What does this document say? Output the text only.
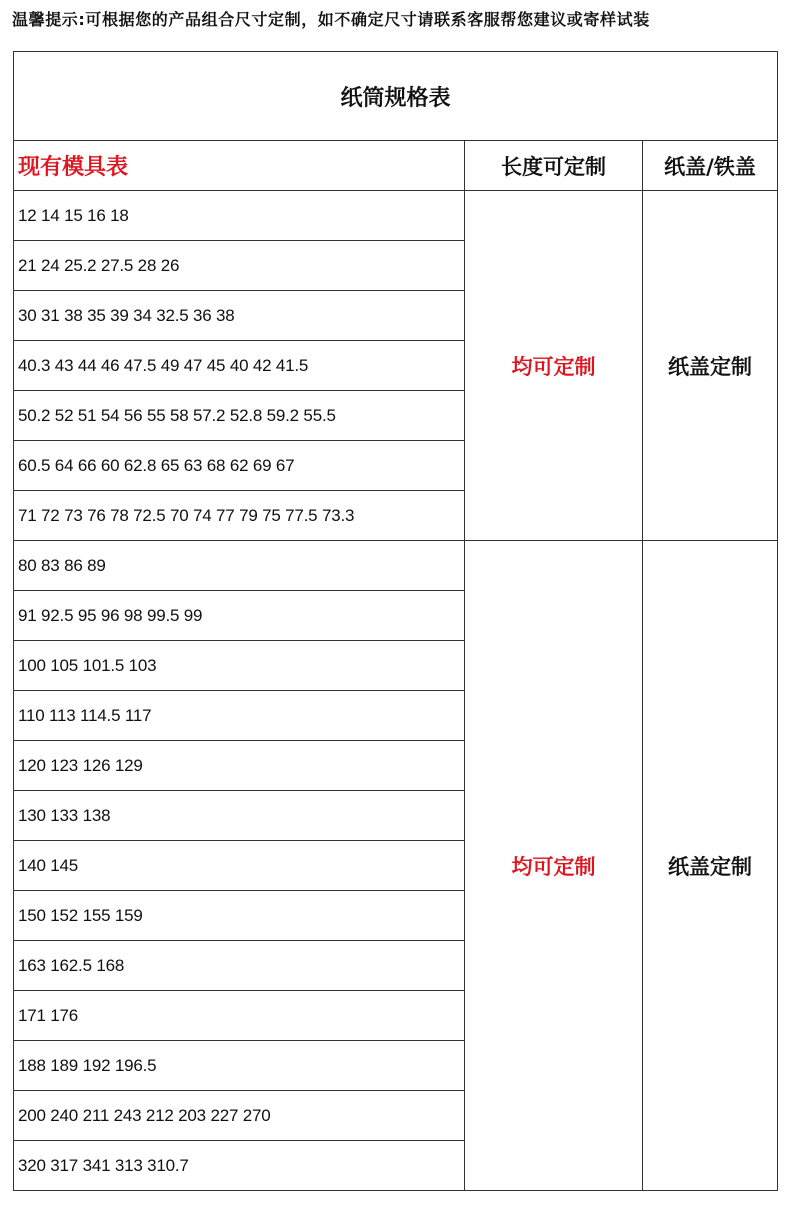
温馨提示:可根据您的产品组合尺寸定制，如不确定尺寸请联系客服帮您建议或寄样试装
纸筒规格表		
现有模具表	长度可定制	纸盖/铁盖
12 14 15 16 18	均可定制	纸盖定制
21 24 25.2 27.5 28 26		
30 31 38 35 39 34 32.5 36 38		
40.3 43 44 46 47.5 49 47 45 40 42 41.5		
50.2 52 51 54 56 55 58 57.2 52.8 59.2 55.5		
60.5 64 66 60 62.8 65 63 68 62 69 67		
71 72 73 76 78 72.5 70 74 77 79 75 77.5 73.3		
80 83 86 89	均可定制	纸盖定制
91 92.5 95 96 98 99.5 99		
100 105 101.5 103		
110 113 114.5 117		
120 123 126 129		
130 133 138		
140 145		
150 152 155 159		
163 162.5 168		
171 176		
188 189 192 196.5		
200 240 211 243 212 203 227 270		
320 317 341 313 310.7		
